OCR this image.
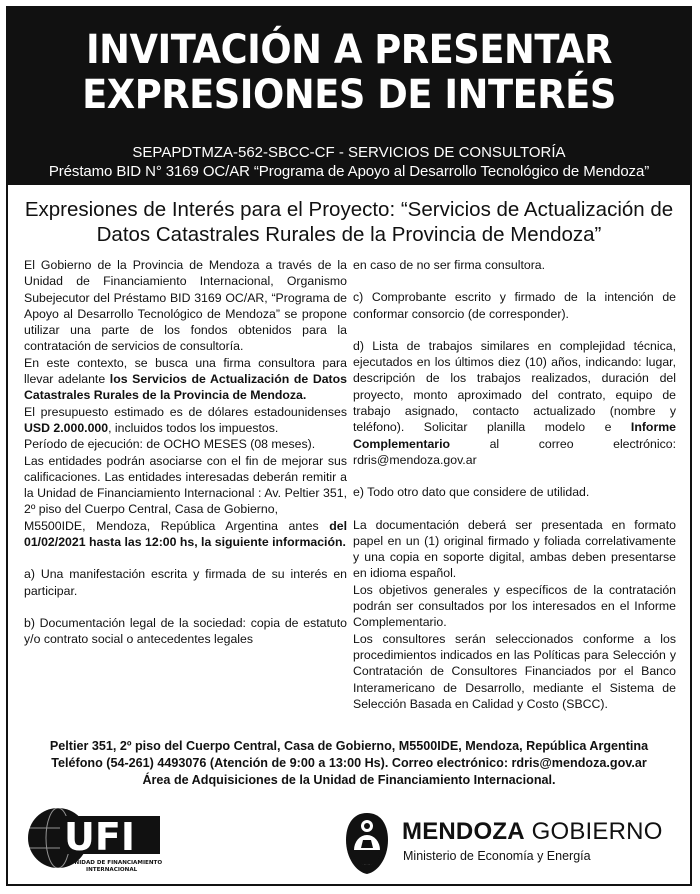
INVITACIÓN A PRESENTAR
EXPRESIONES DE INTERÉS
SEPAPDTMZA-562-SBCC-CF - SERVICIOS DE CONSULTORÍA
Préstamo BID N° 3169 OC/AR “Programa de Apoyo al Desarrollo Tecnológico de Mendoza”
Expresiones de Interés para el Proyecto: “Servicios de Actualización de
Datos Catastrales Rurales de la Provincia de Mendoza”

El Gobierno de la Provincia de Mendoza a través de la Unidad de Financiamiento Internacional, Organismo Subejecutor del Préstamo BID 3169 OC/AR, “Programa de Apoyo al Desarrollo Tecnológico de Mendoza” se propone utilizar una parte de los fondos obtenidos para la contratación de servicios de consultoría.

En este contexto, se busca una firma consultora para llevar adelante los Servicios de Actualización de Datos Catastrales Rurales de la Provincia de Mendoza.

El presupuesto estimado es de dólares estadounidenses USD 2.000.000, incluidos todos los impuestos.

Período de ejecución: de OCHO MESES (08 meses).

Las entidades podrán asociarse con el fin de mejorar sus calificaciones. Las entidades interesadas deberán remitir a la Unidad de Financiamiento Internacional : Av. Peltier 351, 2º piso del Cuerpo Central, Casa de Gobierno,

M5500IDE, Mendoza, República Argentina antes del 01/02/2021 hasta las 12:00 hs, la siguiente información.

a) Una manifestación escrita y firmada de su interés en participar.

b) Documentación legal de la sociedad: copia de estatuto y/o contrato social o antecedentes legales

en caso de no ser firma consultora.

c) Comprobante escrito y firmado de la intención de conformar consorcio (de corresponder).

d) Lista de trabajos similares en complejidad técnica, ejecutados en los últimos diez (10) años, indicando: lugar, descripción de los trabajos realizados, duración del proyecto, monto aproximado del contrato, equipo de trabajo asignado, contacto actualizado (nombre y teléfono). Solicitar planilla modelo e Informe Complementario al correo electrónico: rdris@mendoza.gov.ar

e) Todo otro dato que considere de utilidad.

La documentación deberá ser presentada en formato papel en un (1) original firmado y foliada correlativamente y una copia en soporte digital, ambas deben presentarse en idioma español.

Los objetivos generales y específicos de la contratación podrán ser consultados por los interesados en el Informe Complementario.

Los consultores serán seleccionados conforme a los procedimientos indicados en las Políticas para Selección y Contratación de Consultores Financiados por el Banco Interamericano de Desarrollo, mediante el Sistema de Selección Basada en Calidad y Costo (SBCC).

Peltier 351, 2º piso del Cuerpo Central, Casa de Gobierno, M5500IDE, Mendoza, República Argentina
Teléfono (54-261) 4493076 (Atención de 9:00 a 13:00 Hs). Correo electrónico: rdris@mendoza.gov.ar
Área de Adquisiciones de la Unidad de Financiamiento Internacional.
UFI
UNIDAD DE FINANCIAMIENTO
INTERNACIONAL
MENDOZA GOBIERNO
Ministerio de Economía y Energía
